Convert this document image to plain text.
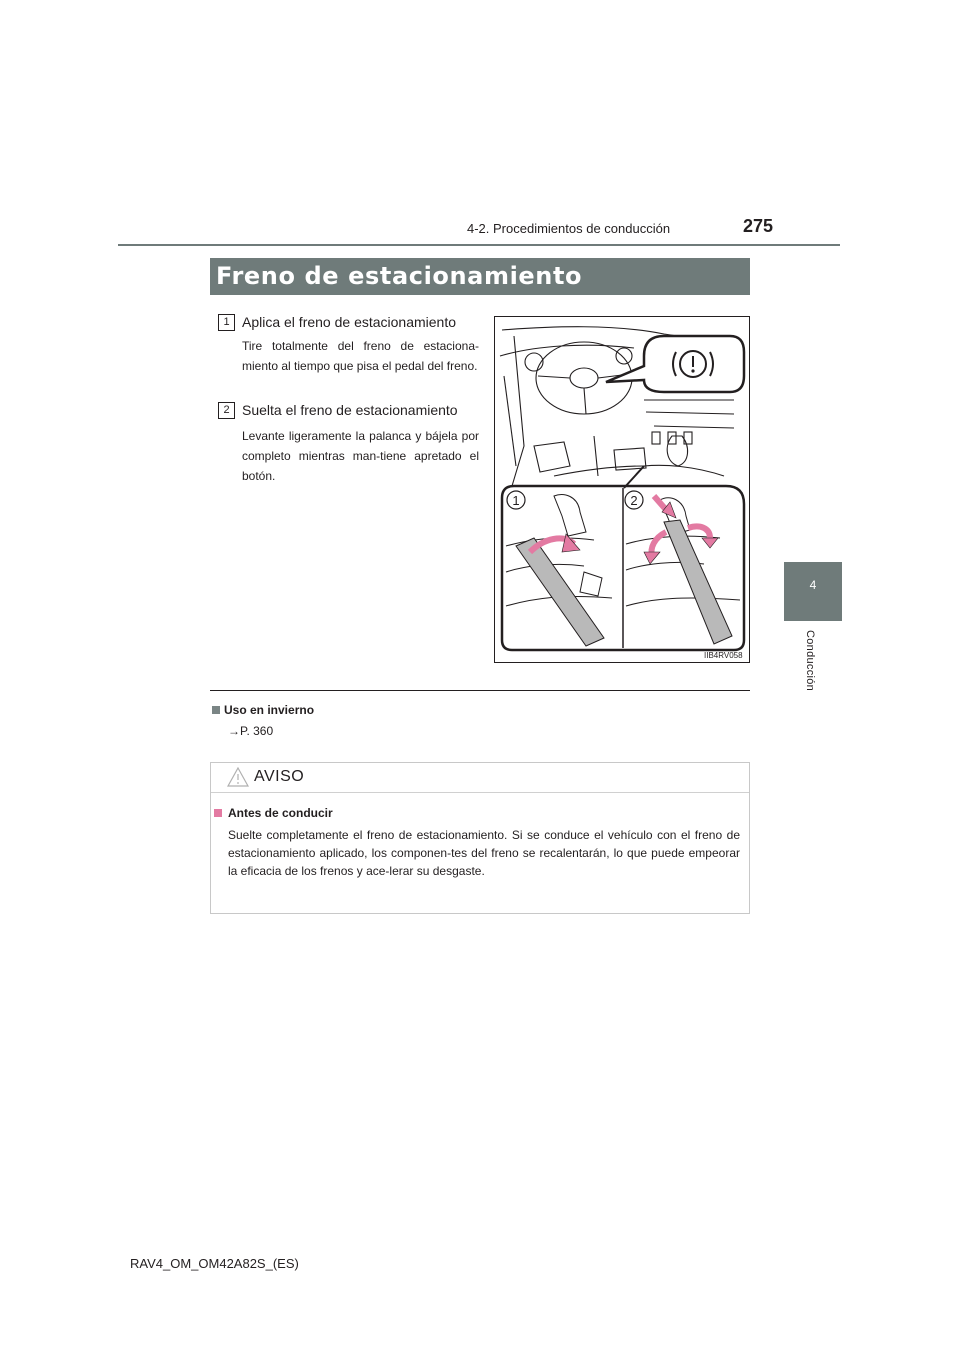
4-2. Procedimientos de conducción	275
4
Conducción
Freno de estacionamiento
1 Aplica el freno de estacionamiento
Tire totalmente del freno de estaciona-miento al tiempo que pisa el pedal del freno.
2 Suelta el freno de estacionamiento
Levante ligeramente la palanca y bájela por completo mientras man-tiene apretado el botón.
1	2
IIB4RV058
Uso en invierno
→P. 360
AVISO
Antes de conducir
Suelte completamente el freno de estacionamiento. Si se conduce el vehículo con el freno de estacionamiento aplicado, los componen-tes del freno se recalentarán, lo que puede empeorar la eficacia de los frenos y ace-lerar su desgaste.
RAV4_OM_OM42A82S_(ES)
